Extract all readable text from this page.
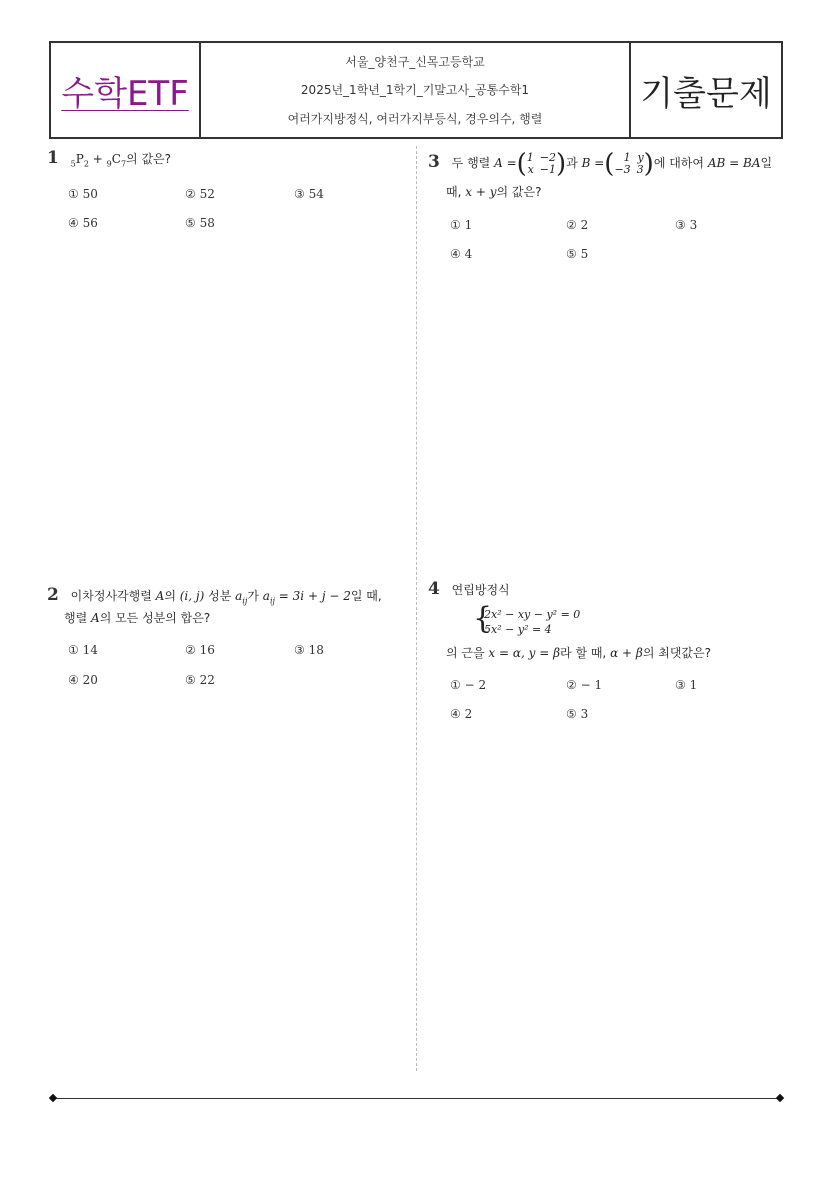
수학ETF
서울_양천구_신목고등학교
2025년_1학년_1학기_기말고사_공통수학1
여러가지방정식, 여러가지부등식, 경우의수, 행렬
기출문제
1 $_5P_2 + _9C_7$의 값은?
① 50	② 52	③ 54
④ 56	⑤ 58
2 이차정사각행렬 A의 (i, j) 성분 $a_{ij}$가 $a_{ij} = 3i + j - 2$일 때,
행렬 A의 모든 성분의 합은?
① 14	② 16	③ 18
④ 20	⑤ 22
3 두 행렬 A = ( 1 −2
x −1 ) 과 B = ( 1 y
−3 3 ) 에 대하여 AB = BA일
때, x + y의 값은?
① 1	② 2	③ 3
④ 4	⑤ 5
4 연립방정식
{
2x² − xy − y² = 0
5x² − y² = 4
의 근을 x = α, y = β라 할 때, α + β의 최댓값은?
① − 2	② − 1	③ 1
④ 2	⑤ 3
